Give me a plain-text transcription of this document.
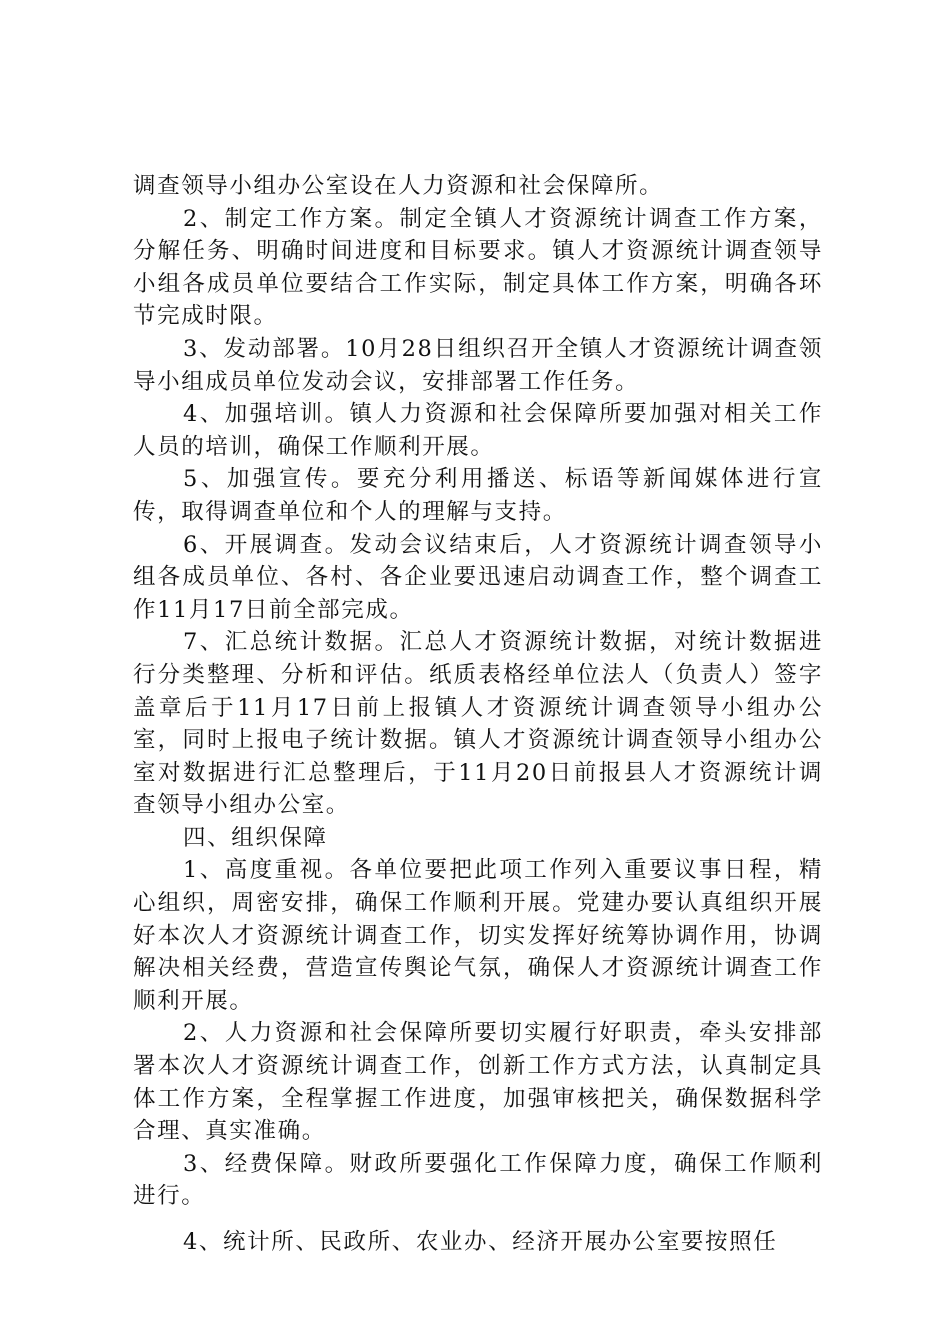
调查领导小组办公室设在人力资源和社会保障所。

2、制定工作方案。制定全镇人才资源统计调查工作方案，分解任务、明确时间进度和目标要求。镇人才资源统计调查领导小组各成员单位要结合工作实际，制定具体工作方案，明确各环节完成时限。

3、发动部署。10月28日组织召开全镇人才资源统计调查领导小组成员单位发动会议，安排部署工作任务。

4、加强培训。镇人力资源和社会保障所要加强对相关工作人员的培训，确保工作顺利开展。

5、加强宣传。要充分利用播送、标语等新闻媒体进行宣传，取得调查单位和个人的理解与支持。

6、开展调查。发动会议结束后，人才资源统计调查领导小组各成员单位、各村、各企业要迅速启动调查工作，整个调查工作11月17日前全部完成。

7、汇总统计数据。汇总人才资源统计数据，对统计数据进行分类整理、分析和评估。纸质表格经单位法人（负责人）签字盖章后于11月17日前上报镇人才资源统计调查领导小组办公室，同时上报电子统计数据。镇人才资源统计调查领导小组办公室对数据进行汇总整理后，于11月20日前报县人才资源统计调查领导小组办公室。

四、组织保障

1、高度重视。各单位要把此项工作列入重要议事日程，精心组织，周密安排，确保工作顺利开展。党建办要认真组织开展好本次人才资源统计调查工作，切实发挥好统筹协调作用，协调解决相关经费，营造宣传舆论气氛，确保人才资源统计调查工作顺利开展。

2、人力资源和社会保障所要切实履行好职责，牵头安排部署本次人才资源统计调查工作，创新工作方式方法，认真制定具体工作方案，全程掌握工作进度，加强审核把关，确保数据科学合理、真实准确。

3、经费保障。财政所要强化工作保障力度，确保工作顺利进行。

4、统计所、民政所、农业办、经济开展办公室要按照任
